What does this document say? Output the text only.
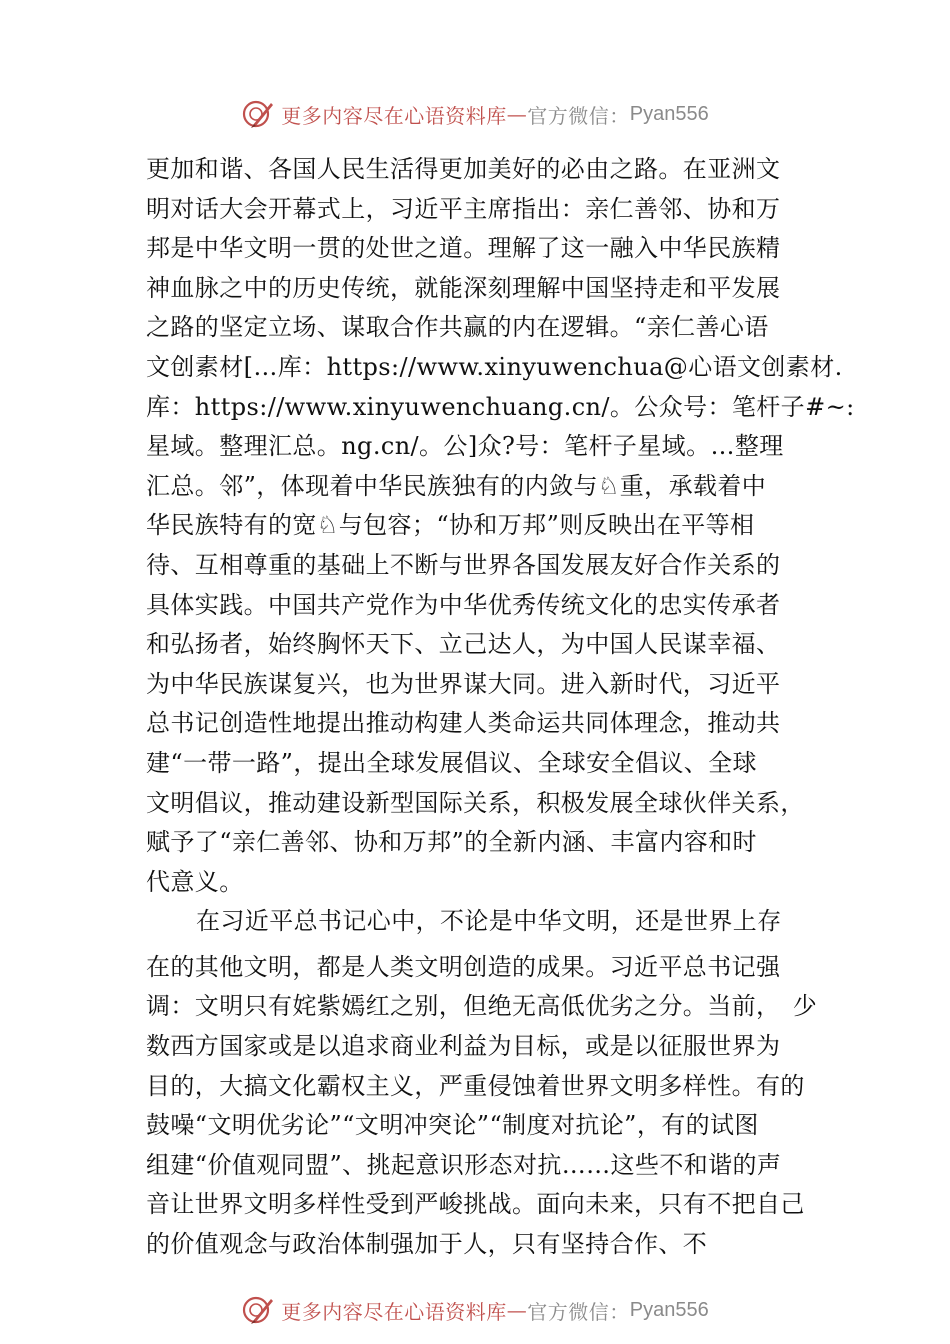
更多内容尽在心语资料库 — 官方微信： Pyan556
更加和谐、各国人民生活得更加美好的必由之路。在亚洲文
明对话大会开幕式上，习近平主席指出：亲仁善邻、协和万
邦是中华文明一贯的处世之道。理解了这一融入中华民族精
神血脉之中的历史传统，就能深刻理解中国坚持走和平发展
之路的坚定立场、谋取合作共赢的内在逻辑。“亲仁善心语
文创素材[…库：https://www.xinyuwenchua@心语文创素材.
库：https://www.xinyuwenchuang.cn/。公众号：笔杆子#~:
星域。整理汇总。ng.cn/。公]众?号：笔杆子星域。…整理
汇总。邻”，体现着中华民族独有的内敛与♘重，承载着中
华民族特有的宽♘与包容；“协和万邦”则反映出在平等相
待、互相尊重的基础上不断与世界各国发展友好合作关系的
具体实践。中国共产党作为中华优秀传统文化的忠实传承者
和弘扬者，始终胸怀天下、立己达人，为中国人民谋幸福、
为中华民族谋复兴，也为世界谋大同。进入新时代，习近平
总书记创造性地提出推动构建人类命运共同体理念，推动共
建“一带一路”，提出全球发展倡议、全球安全倡议、全球
文明倡议，推动建设新型国际关系，积极发展全球伙伴关系，
赋予了“亲仁善邻、协和万邦”的全新内涵、丰富内容和时
代意义。
在习近平总书记心中，不论是中华文明，还是世界上存
在的其他文明，都是人类文明创造的成果。习近平总书记强
调：文明只有姹紫嫣红之别，但绝无高低优劣之分。当前，　少
数西方国家或是以追求商业利益为目标，或是以征服世界为
目的，大搞文化霸权主义，严重侵蚀着世界文明多样性。有的
鼓噪“文明优劣论”“文明冲突论”“制度对抗论”，有的试图
组建“价值观同盟”、挑起意识形态对抗……这些不和谐的声
音让世界文明多样性受到严峻挑战。面向未来，只有不把自己
的价值观念与政治体制强加于人，只有坚持合作、不
更多内容尽在心语资料库 — 官方微信： Pyan556
